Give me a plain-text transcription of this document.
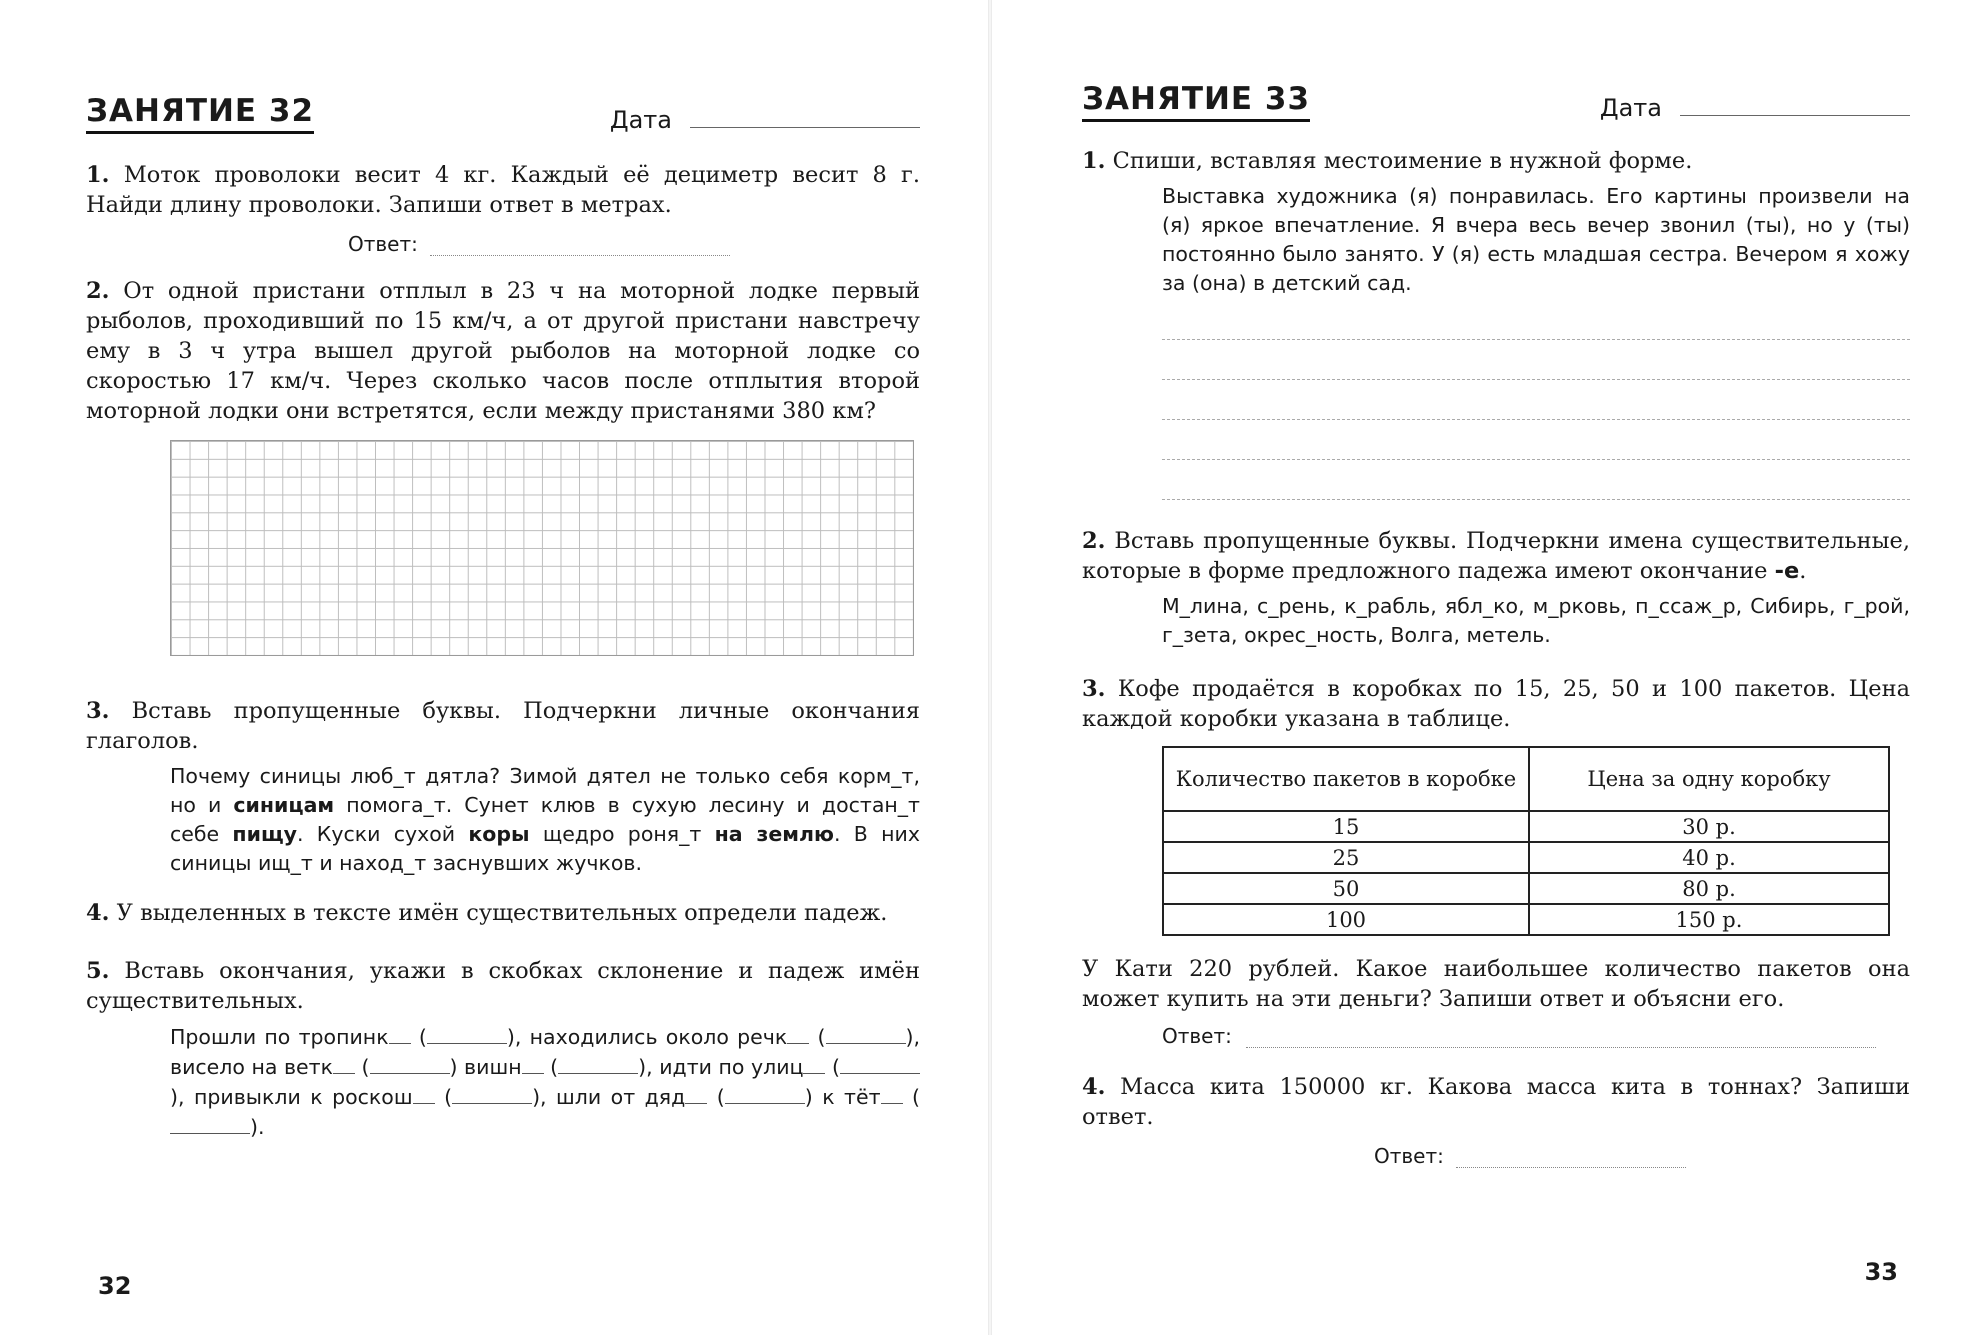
ЗАНЯТИЕ 32	Дата
1. Моток проволоки весит 4 кг. Каждый её дециметр весит 8 г. Найди длину проволоки. Запиши ответ в метрах.
Ответ:
2. От одной пристани отплыл в 23 ч на моторной лодке первый рыболов, проходивший по 15 км/ч, а от другой пристани навстречу ему в 3 ч утра вышел другой рыболов на моторной лодке со скоростью 17 км/ч. Через сколько часов после отплытия второй моторной лодки они встретятся, если между пристанями 380 км?
3. Вставь пропущенные буквы. Подчеркни личные окончания глаголов.
Почему синицы люб_т дятла? Зимой дятел не только себя корм_т, но и синицам помога_т. Сунет клюв в сухую лесину и достан_т себе пищу. Куски сухой коры щедро роня_т на землю. В них синицы ищ_т и наход_т заснувших жучков.
4. У выделенных в тексте имён существительных определи падеж.
5. Вставь окончания, укажи в скобках склонение и падеж имён существительных.
Прошли по тропинк (	), находились около речк (	), висело на ветк (	) вишн (	), идти по улиц (), привыкли к роскош (	), шли от дяд (	) к тёт ().
32
ЗАНЯТИЕ 33	Дата
1. Спиши, вставляя местоимение в нужной форме.
Выставка художника (я) понравилась. Его картины произвели на (я) яркое впечатление. Я вчера весь вечер звонил (ты), но у (ты) постоянно было занято. У (я) есть младшая сестра. Вечером я хожу за (она) в детский сад.
2. Вставь пропущенные буквы. Подчеркни имена существительные, которые в форме предложного падежа имеют окончание -е.
М_лина, с_рень, к_рабль, ябл_ко, м_рковь, п_ссаж_р, Сибирь, г_рой, г_зета, окрес_ность, Волга, метель.
3. Кофе продаётся в коробках по 15, 25, 50 и 100 пакетов. Цена каждой коробки указана в таблице.
Количество пакетов в коробке	Цена за одну коробку
15	30 р.
25	40 р.
50	80 р.
100	150 р.
У Кати 220 рублей. Какое наибольшее количество пакетов она может купить на эти деньги? Запиши ответ и объясни его.
Ответ:
4. Масса кита 150000 кг. Какова масса кита в тоннах? Запиши ответ.
Ответ:
33
